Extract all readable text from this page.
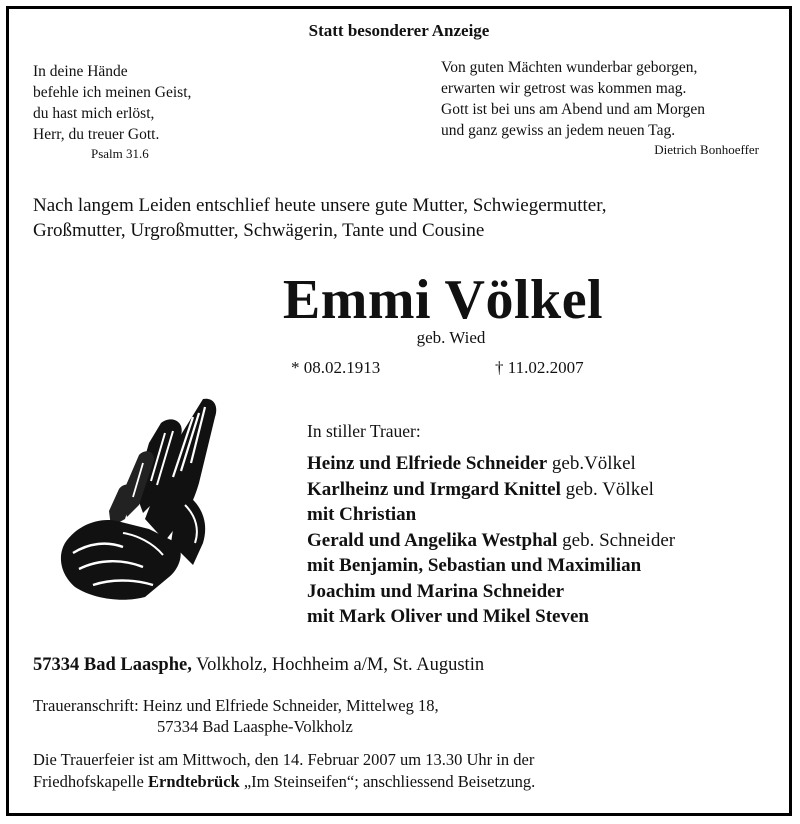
Statt besonderer Anzeige
In deine Hände
befehle ich meinen Geist,
du hast mich erlöst,
Herr, du treuer Gott.
Psalm 31.6
Von guten Mächten wunderbar geborgen,
erwarten wir getrost was kommen mag.
Gott ist bei uns am Abend und am Morgen
und ganz gewiss an jedem neuen Tag.
Dietrich Bonhoeffer
Nach langem Leiden entschlief heute unsere gute Mutter, Schwiegermutter,
Großmutter, Urgroßmutter, Schwägerin, Tante und Cousine
Emmi Völkel
geb. Wied
* 08.02.1913	† 11.02.2007
In stiller Trauer:
Heinz und Elfriede Schneider geb.Völkel
Karlheinz und Irmgard Knittel geb. Völkel
mit Christian
Gerald und Angelika Westphal geb. Schneider
mit Benjamin, Sebastian und Maximilian
Joachim und Marina Schneider
mit Mark Oliver und Mikel Steven
57334 Bad Laasphe, Volkholz, Hochheim a/M, St. Augustin
Traueranschrift: Heinz und Elfriede Schneider, Mittelweg 18,
57334 Bad Laasphe-Volkholz
Die Trauerfeier ist am Mittwoch, den 14. Februar 2007 um 13.30 Uhr in der
Friedhofskapelle Erndtebrück „Im Steinseifen“; anschliessend Beisetzung.
